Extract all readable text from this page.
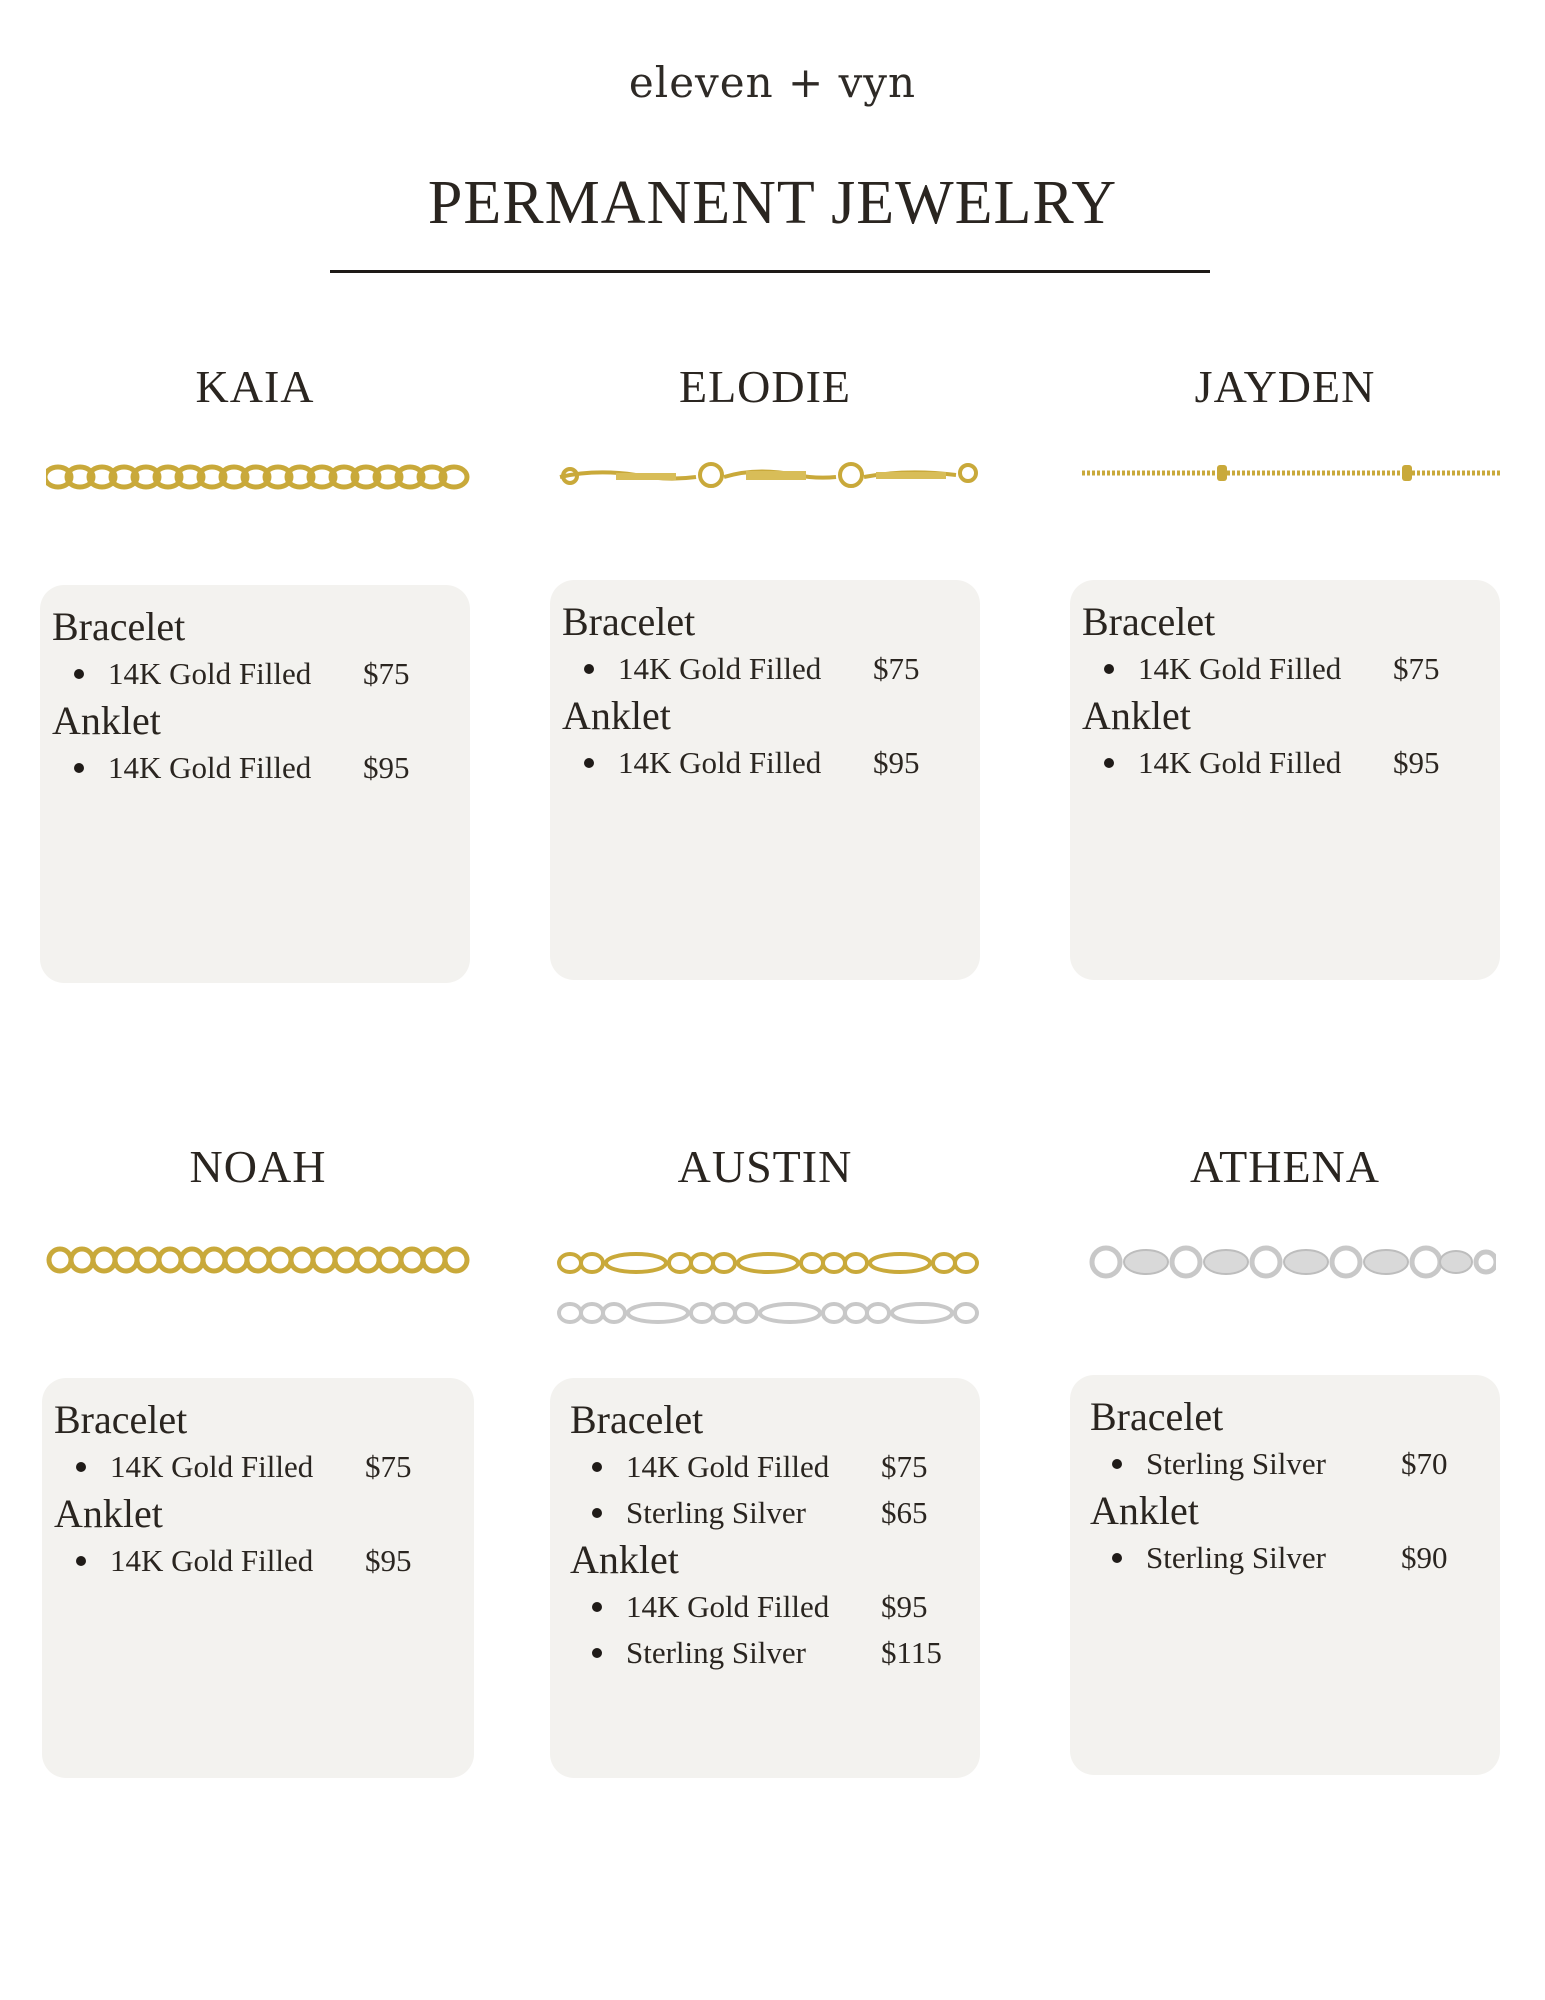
eleven + vyn
PERMANENT JEWELRY
KAIA
Bracelet
14K Gold Filled	$75
Anklet
14K Gold Filled	$95
ELODIE
Bracelet
14K Gold Filled	$75
Anklet
14K Gold Filled	$95
JAYDEN
Bracelet
14K Gold Filled	$75
Anklet
14K Gold Filled	$95
NOAH
Bracelet
14K Gold Filled	$75
Anklet
14K Gold Filled	$95
AUSTIN
Bracelet
14K Gold Filled	$75
Sterling Silver	$65
Anklet
14K Gold Filled	$95
Sterling Silver	$115
ATHENA
Bracelet
Sterling Silver	$70
Anklet
Sterling Silver	$90
